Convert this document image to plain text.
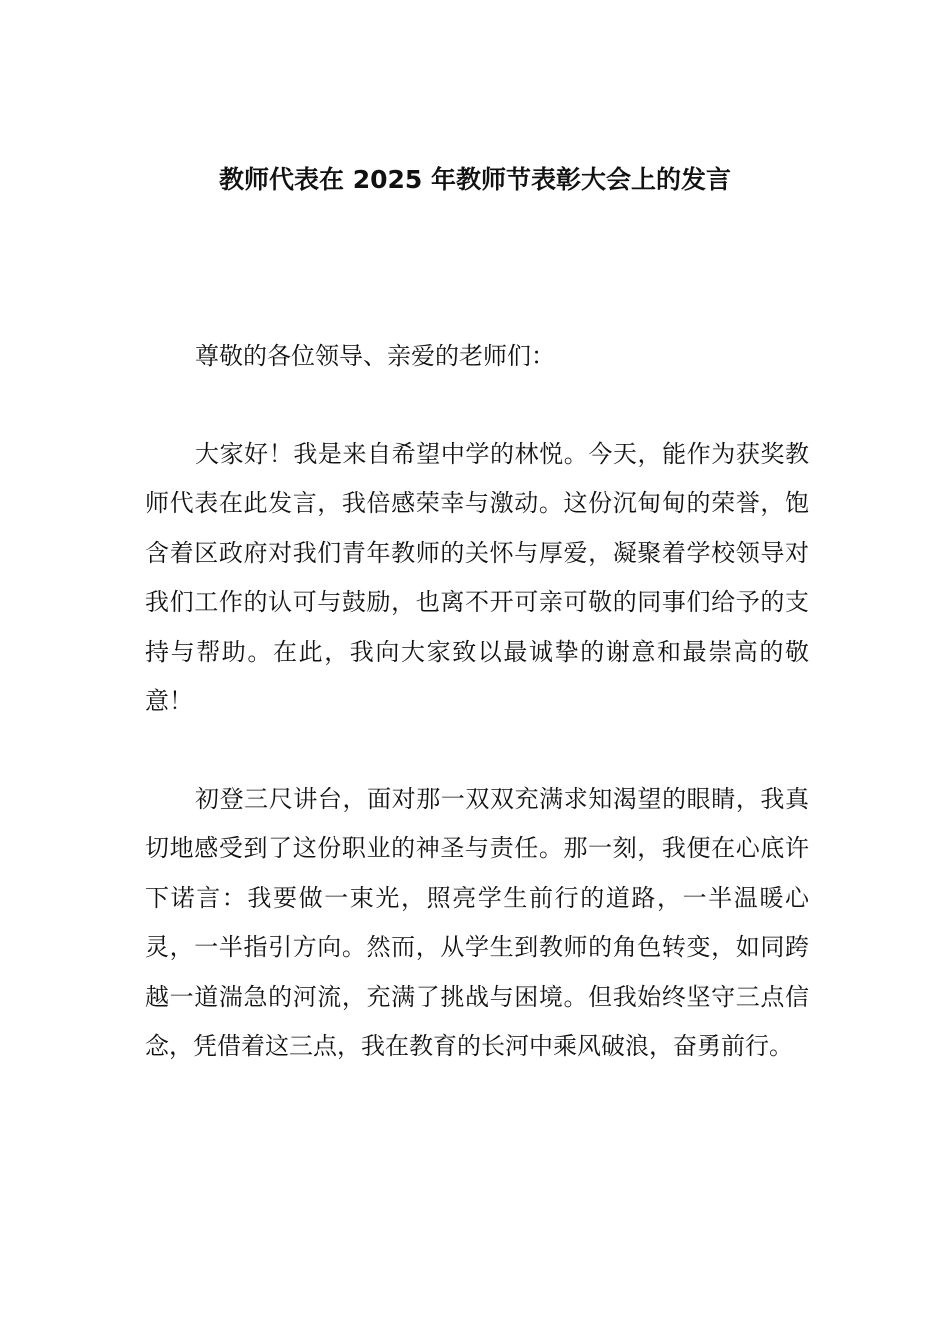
教师代表在 2025 年教师节表彰大会上的发言

尊敬的各位领导、亲爱的老师们：

大家好！我是来自希望中学的林悦。今天，能作为获奖教师代表在此发言，我倍感荣幸与激动。这份沉甸甸的荣誉，饱含着区政府对我们青年教师的关怀与厚爱，凝聚着学校领导对我们工作的认可与鼓励，也离不开可亲可敬的同事们给予的支持与帮助。在此，我向大家致以最诚挚的谢意和最崇高的敬意！

初登三尺讲台，面对那一双双充满求知渴望的眼睛，我真切地感受到了这份职业的神圣与责任。那一刻，我便在心底许下诺言：我要做一束光，照亮学生前行的道路，一半温暖心灵，一半指引方向。然而，从学生到教师的角色转变，如同跨越一道湍急的河流，充满了挑战与困境。但我始终坚守三点信念，凭借着这三点，我在教育的长河中乘风破浪，奋勇前行。
